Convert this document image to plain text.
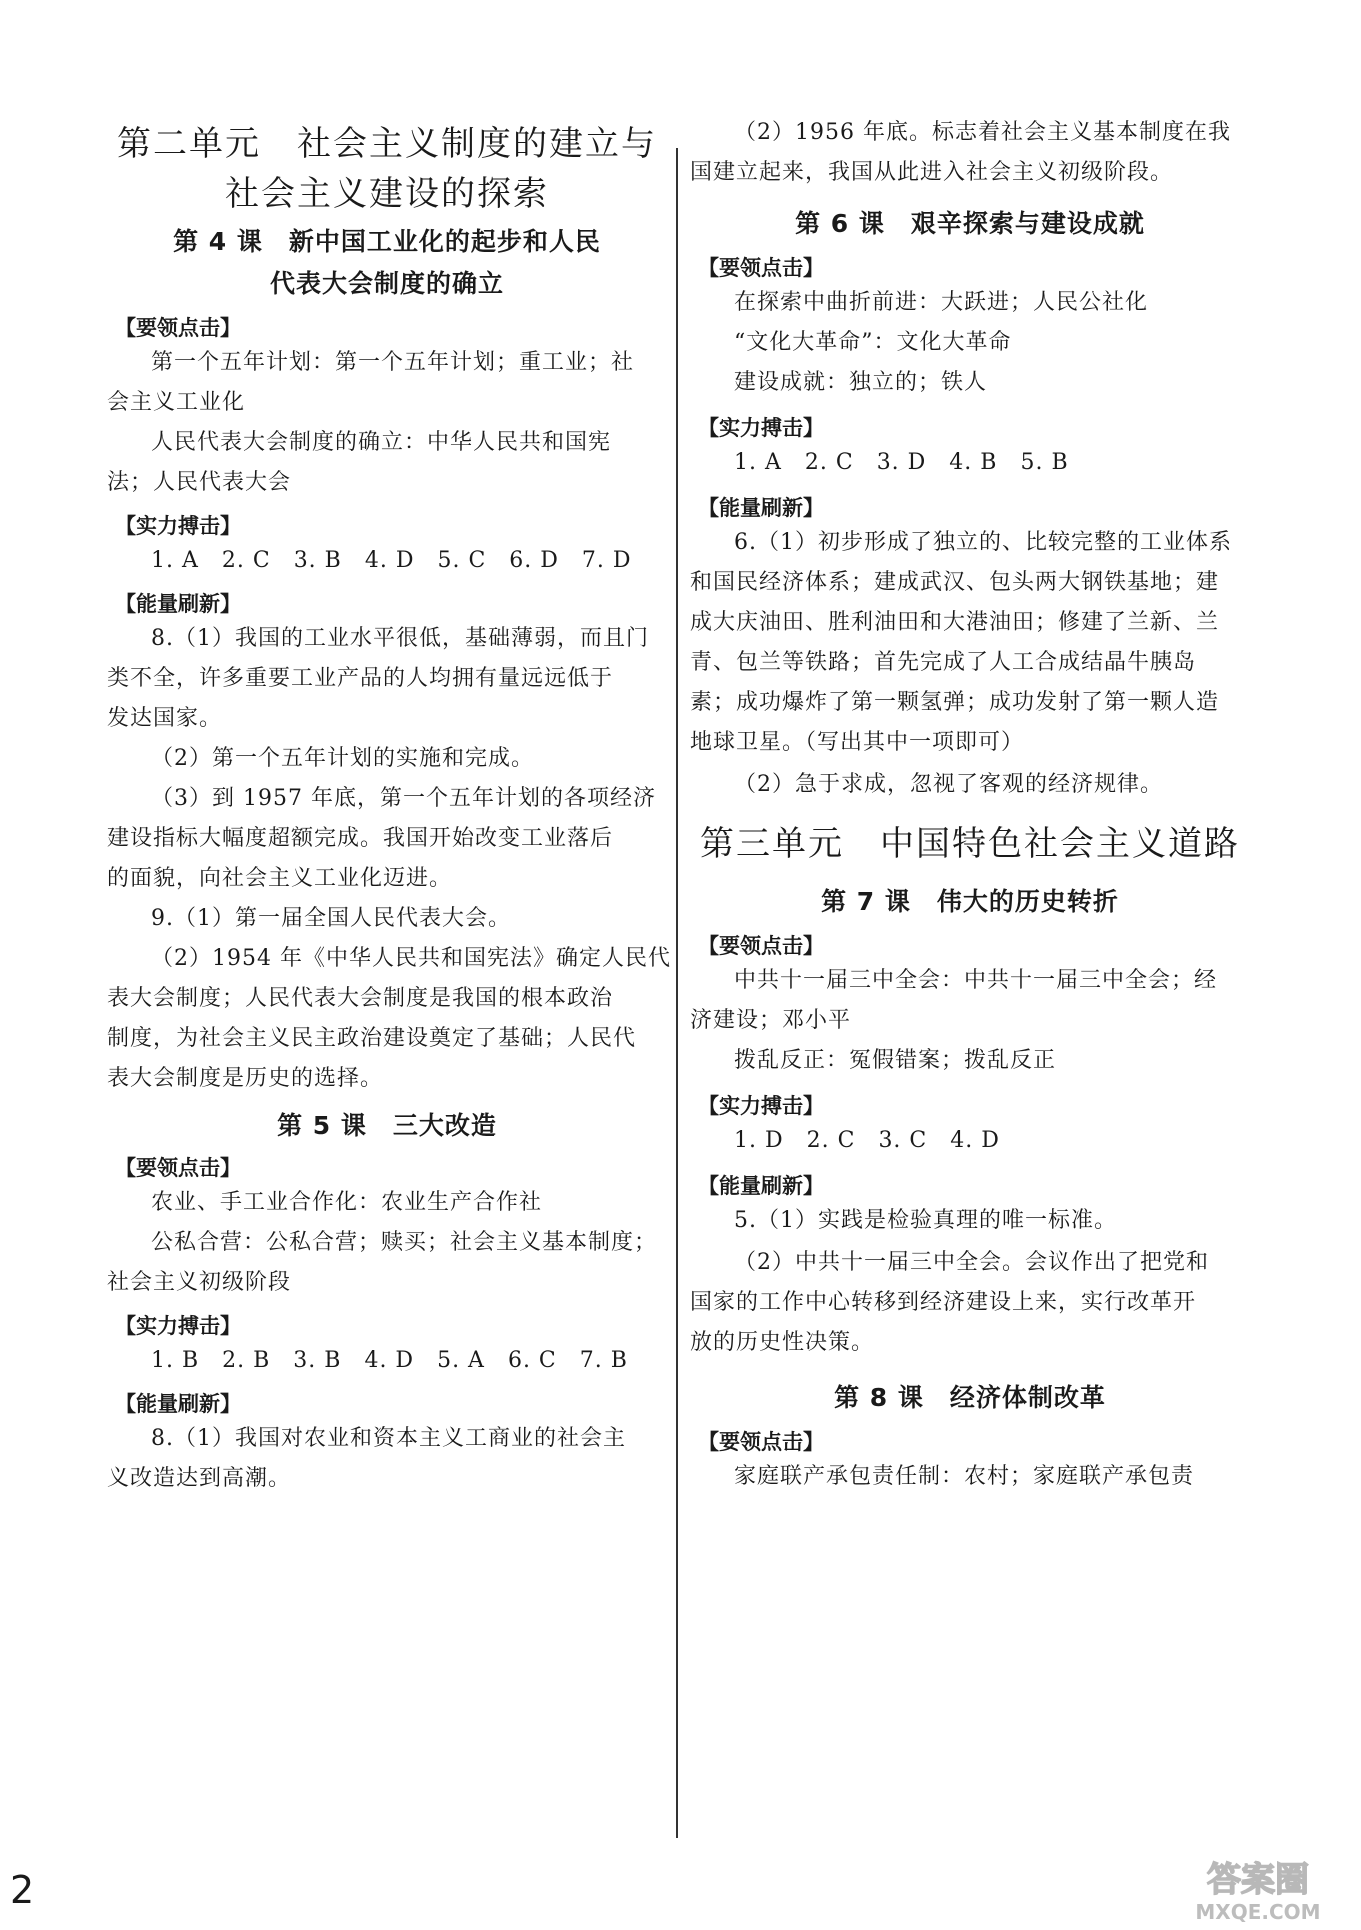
第二单元　社会主义制度的建立与
社会主义建设的探索
第 4 课　新中国工业化的起步和人民
代表大会制度的确立
【要领点击】
第一个五年计划：第一个五年计划；重工业；社
会主义工业化
人民代表大会制度的确立：中华人民共和国宪
法；人民代表大会
【实力搏击】
1. A　2. C　3. B　4. D　5. C　6. D　7. D
【能量刷新】
8.（1）我国的工业水平很低，基础薄弱，而且门
类不全，许多重要工业产品的人均拥有量远远低于
发达国家。
（2）第一个五年计划的实施和完成。
（3）到 1957 年底，第一个五年计划的各项经济
建设指标大幅度超额完成。我国开始改变工业落后
的面貌，向社会主义工业化迈进。
9.（1）第一届全国人民代表大会。
（2）1954 年《中华人民共和国宪法》确定人民代
表大会制度；人民代表大会制度是我国的根本政治
制度，为社会主义民主政治建设奠定了基础；人民代
表大会制度是历史的选择。
第 5 课　三大改造
【要领点击】
农业、手工业合作化：农业生产合作社
公私合营：公私合营；赎买；社会主义基本制度；
社会主义初级阶段
【实力搏击】
1. B　2. B　3. B　4. D　5. A　6. C　7. B
【能量刷新】
8.（1）我国对农业和资本主义工商业的社会主
义改造达到高潮。
（2）1956 年底。标志着社会主义基本制度在我
国建立起来，我国从此进入社会主义初级阶段。
第 6 课　艰辛探索与建设成就
【要领点击】
在探索中曲折前进：大跃进；人民公社化
“文化大革命”：文化大革命
建设成就：独立的；铁人
【实力搏击】
1. A　2. C　3. D　4. B　5. B
【能量刷新】
6.（1）初步形成了独立的、比较完整的工业体系
和国民经济体系；建成武汉、包头两大钢铁基地；建
成大庆油田、胜利油田和大港油田；修建了兰新、兰
青、包兰等铁路；首先完成了人工合成结晶牛胰岛
素；成功爆炸了第一颗氢弹；成功发射了第一颗人造
地球卫星。（写出其中一项即可）
（2）急于求成，忽视了客观的经济规律。
第三单元　中国特色社会主义道路
第 7 课　伟大的历史转折
【要领点击】
中共十一届三中全会：中共十一届三中全会；经
济建设；邓小平
拨乱反正：冤假错案；拨乱反正
【实力搏击】
1. D　2. C　3. C　4. D
【能量刷新】
5.（1）实践是检验真理的唯一标准。
（2）中共十一届三中全会。会议作出了把党和
国家的工作中心转移到经济建设上来，实行改革开
放的历史性决策。
第 8 课　经济体制改革
【要领点击】
家庭联产承包责任制：农村；家庭联产承包责
2	答案圈
MXQE.COM
